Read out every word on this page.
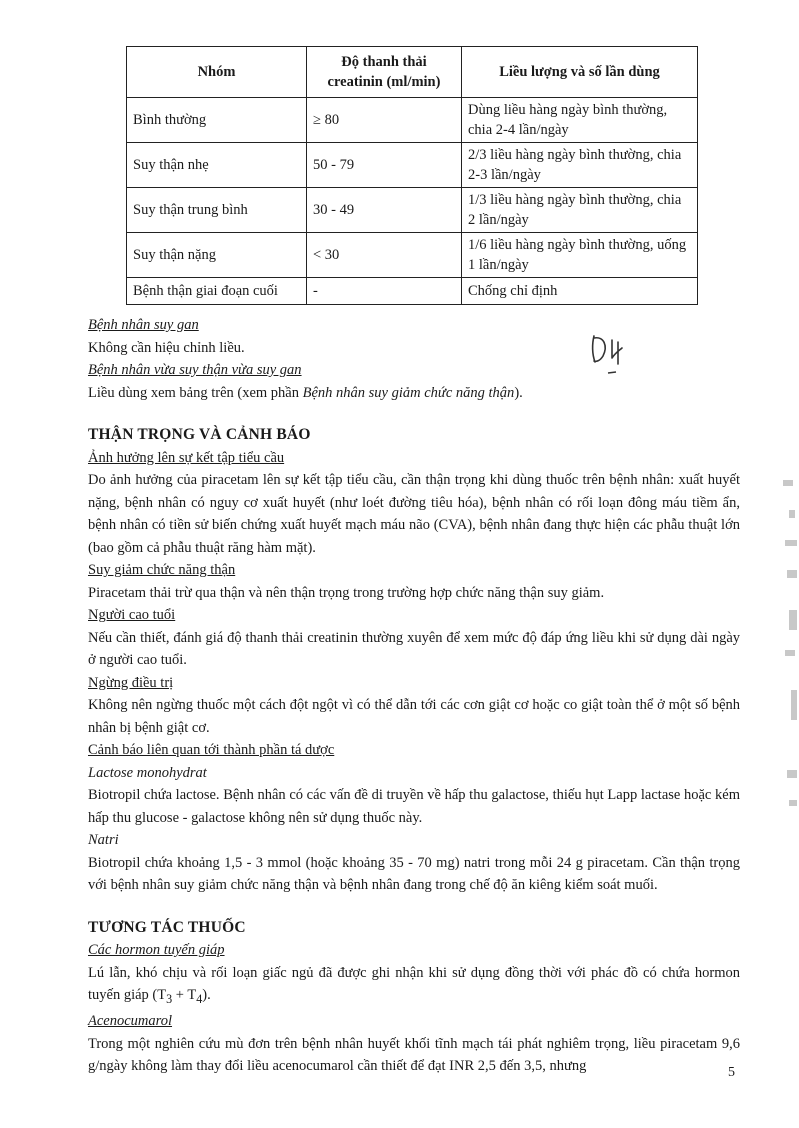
Nhóm	Độ thanh thải creatinin (ml/min)	Liều lượng và số lần dùng
Bình thường	≥ 80	Dùng liều hàng ngày bình thường, chia 2-4 lần/ngày
Suy thận nhẹ	50 - 79	2/3 liều hàng ngày bình thường, chia 2-3 lần/ngày
Suy thận trung bình	30 - 49	1/3 liều hàng ngày bình thường, chia 2 lần/ngày
Suy thận nặng	< 30	1/6 liều hàng ngày bình thường, uống 1 lần/ngày
Bệnh thận giai đoạn cuối	-	Chống chỉ định

Bệnh nhân suy gan

Không cần hiệu chỉnh liều.

Bệnh nhân vừa suy thận vừa suy gan

Liều dùng xem bảng trên (xem phần Bệnh nhân suy giảm chức năng thận).

THẬN TRỌNG VÀ CẢNH BÁO

Ảnh hưởng lên sự kết tập tiểu cầu

Do ảnh hưởng của piracetam lên sự kết tập tiểu cầu, cần thận trọng khi dùng thuốc trên bệnh nhân: xuất huyết nặng, bệnh nhân có nguy cơ xuất huyết (như loét đường tiêu hóa), bệnh nhân có rối loạn đông máu tiềm ẩn, bệnh nhân có tiền sử biến chứng xuất huyết mạch máu não (CVA), bệnh nhân đang thực hiện các phẫu thuật lớn (bao gồm cả phẫu thuật răng hàm mặt).

Suy giảm chức năng thận

Piracetam thải trừ qua thận và nên thận trọng trong trường hợp chức năng thận suy giảm.

Người cao tuổi

Nếu cần thiết, đánh giá độ thanh thải creatinin thường xuyên để xem mức độ đáp ứng liều khi sử dụng dài ngày ở người cao tuổi.

Ngừng điều trị

Không nên ngừng thuốc một cách đột ngột vì có thể dẫn tới các cơn giật cơ hoặc co giật toàn thể ở một số bệnh nhân bị bệnh giật cơ.

Cảnh báo liên quan tới thành phần tá dược

Lactose monohydrat

Biotropil chứa lactose. Bệnh nhân có các vấn đề di truyền về hấp thu galactose, thiếu hụt Lapp lactase hoặc kém hấp thu glucose - galactose không nên sử dụng thuốc này.

Natri

Biotropil chứa khoảng 1,5 - 3 mmol (hoặc khoảng 35 - 70 mg) natri trong mỗi 24 g piracetam. Cần thận trọng với bệnh nhân suy giảm chức năng thận và bệnh nhân đang trong chế độ ăn kiêng kiểm soát muối.

TƯƠNG TÁC THUỐC

Các hormon tuyến giáp

Lú lẫn, khó chịu và rối loạn giấc ngủ đã được ghi nhận khi sử dụng đồng thời với phác đồ có chứa hormon tuyến giáp $(T_3 + T_4)$.

Acenocumarol

Trong một nghiên cứu mù đơn trên bệnh nhân huyết khối tĩnh mạch tái phát nghiêm trọng, liều piracetam 9,6 g/ngày không làm thay đổi liều acenocumarol cần thiết để đạt INR 2,5 đến 3,5, nhưng	5
